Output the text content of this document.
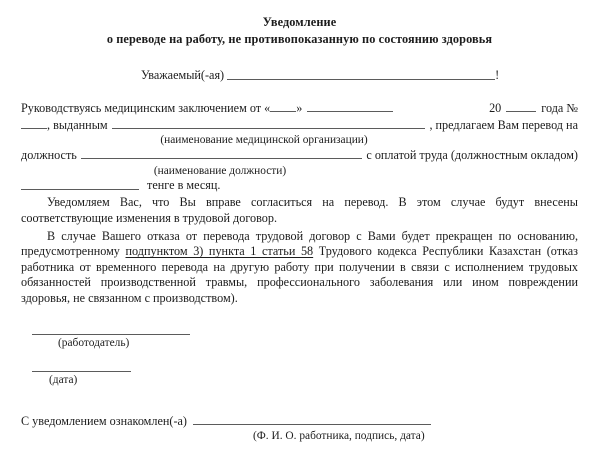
Уведомление
о переводе на работу, не противопоказанную по состоянию здоровья
Уважаемый(-ая)	!
Руководствуясь медицинским заключением от « »	20	года №
, выданным	, предлагаем Вам перевод на
(наименование медицинской организации)
должность	с оплатой труда (должностным окладом)
(наименование должности)
тенге в месяц.
Уведомляем Вас, что Вы вправе согласиться на перевод. В этом случае будут внесены соответствующие изменения в трудовой договор.
В случае Вашего отказа от перевода трудовой договор с Вами будет прекращен по основанию, предусмотренному подпунктом 3) пункта 1 статьи 58 Трудового кодекса Республики Казахстан (отказ работника от временного перевода на другую работу при получении в связи с исполнением трудовых обязанностей производственной травмы, профессионального заболевания или ином повреждении здоровья, не связанном с производством).
(работодатель)
(дата)
С уведомлением ознакомлен(-а)
(Ф. И. О. работника, подпись, дата)
